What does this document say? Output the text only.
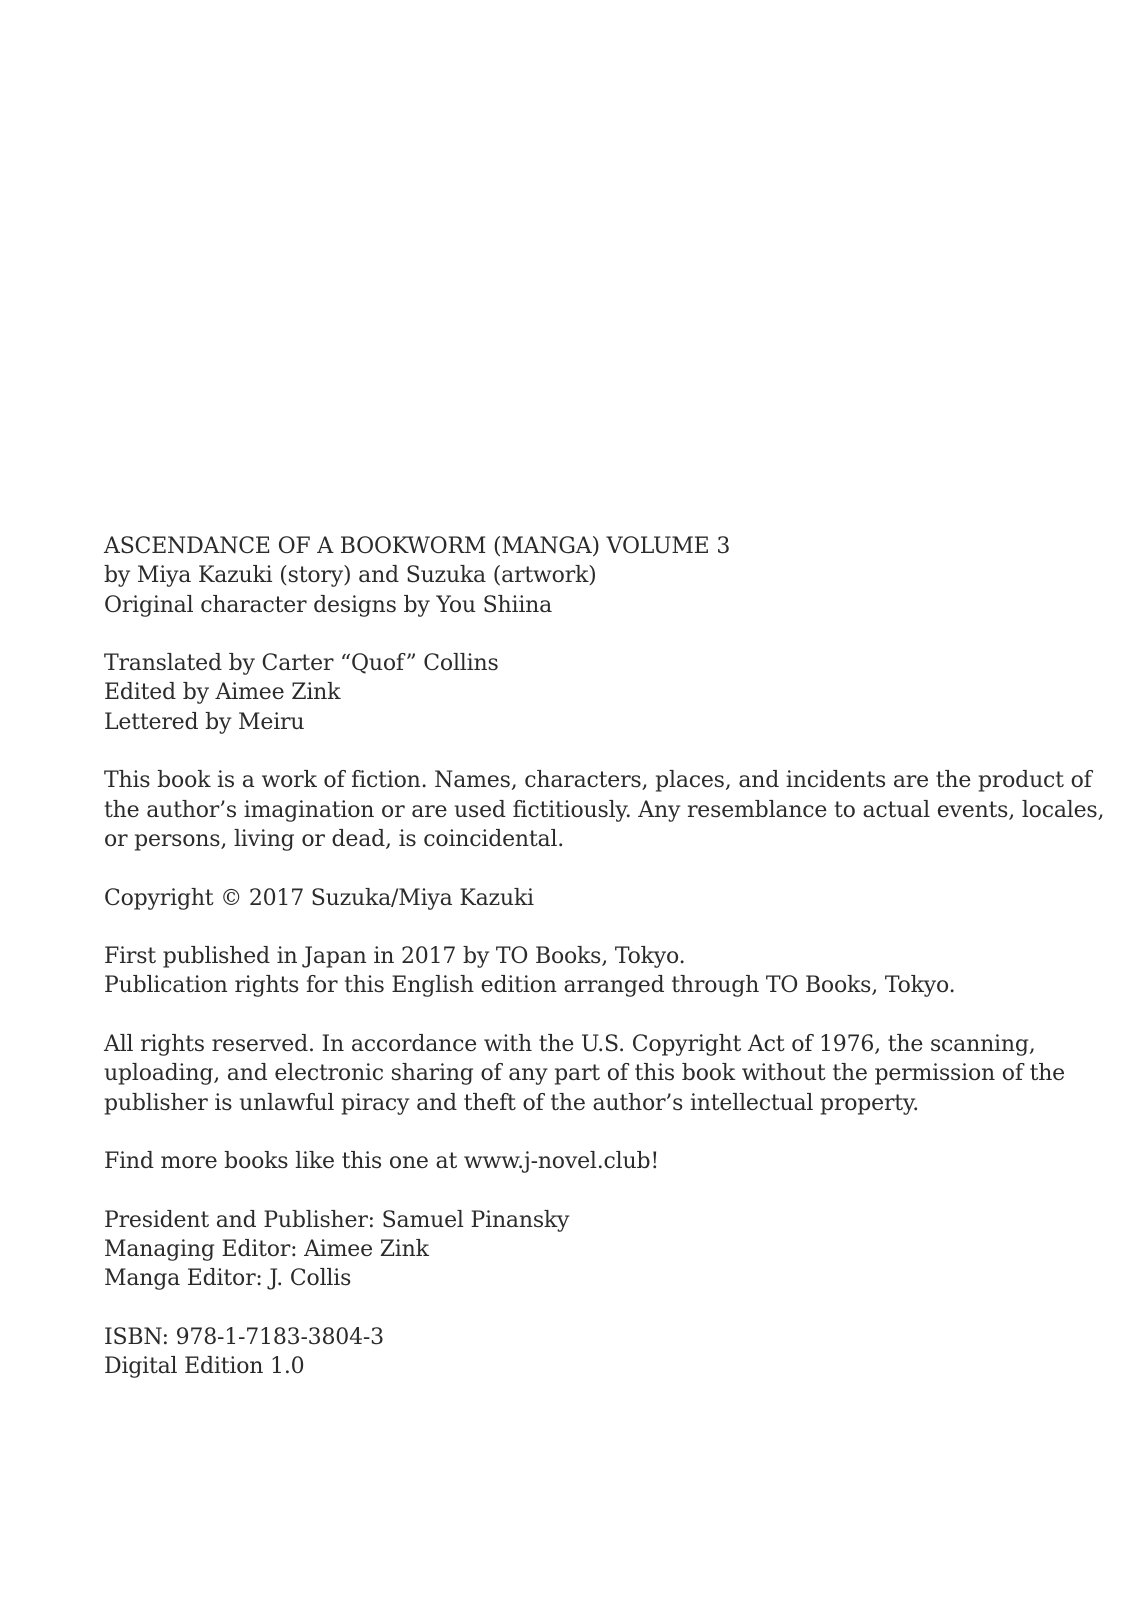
ASCENDANCE OF A BOOKWORM (MANGA) VOLUME 3
by Miya Kazuki (story) and Suzuka (artwork)
Original character designs by You Shiina
Translated by Carter “Quof” Collins
Edited by Aimee Zink
Lettered by Meiru
This book is a work of fiction. Names, characters, places, and incidents are the product of
the author’s imagination or are used fictitiously. Any resemblance to actual events, locales,
or persons, living or dead, is coincidental.
Copyright © 2017 Suzuka/Miya Kazuki
First published in Japan in 2017 by TO Books, Tokyo.
Publication rights for this English edition arranged through TO Books, Tokyo.
All rights reserved. In accordance with the U.S. Copyright Act of 1976, the scanning,
uploading, and electronic sharing of any part of this book without the permission of the
publisher is unlawful piracy and theft of the author’s intellectual property.
Find more books like this one at www.j-novel.club!
President and Publisher: Samuel Pinansky
Managing Editor: Aimee Zink
Manga Editor: J. Collis
ISBN: 978-1-7183-3804-3
Digital Edition 1.0
